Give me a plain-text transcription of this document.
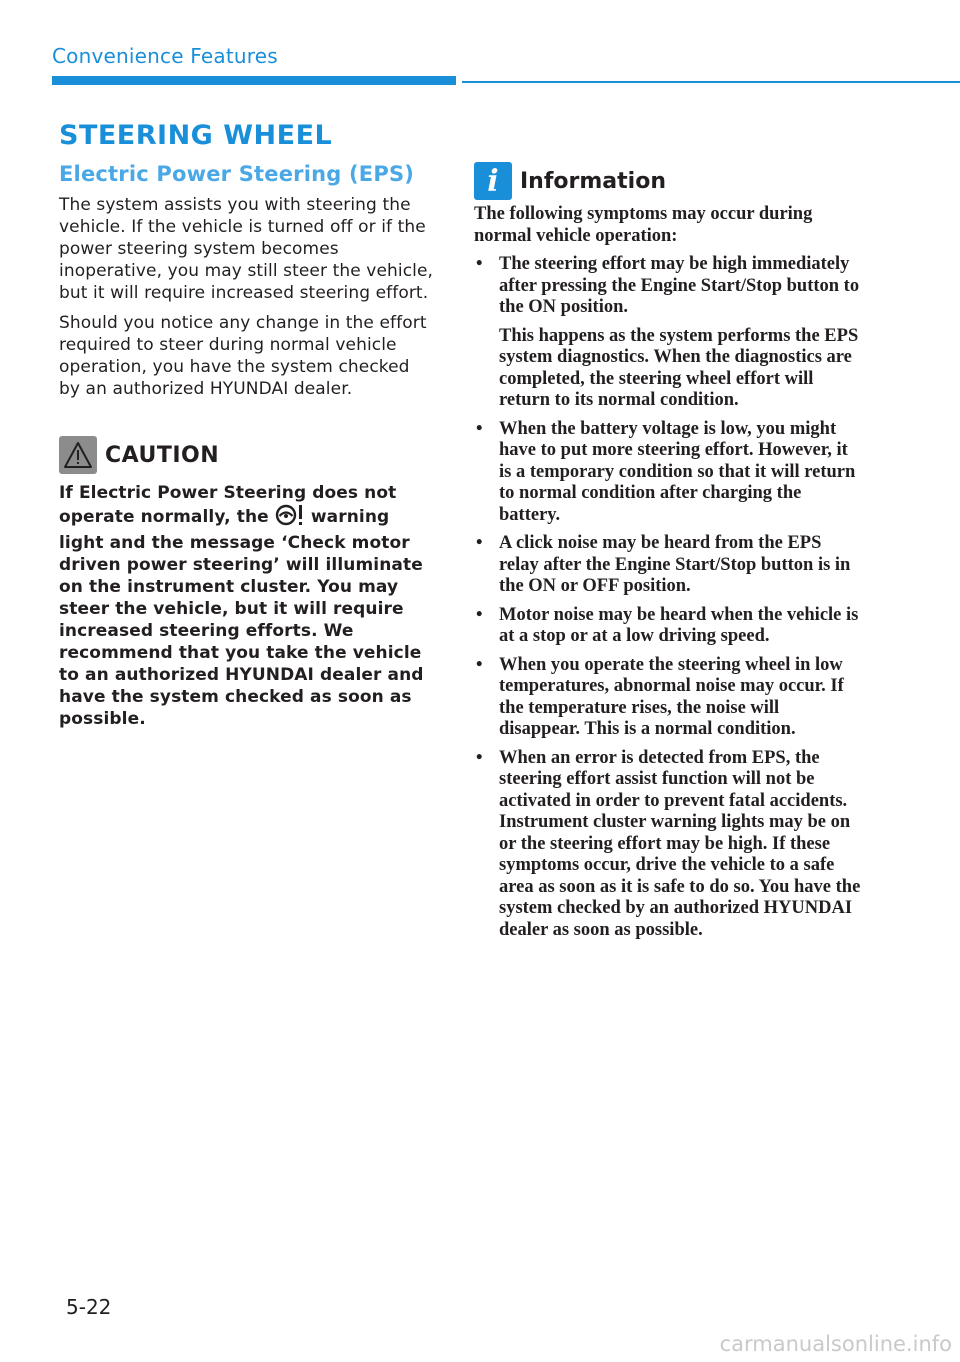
Convenience Features
STEERING WHEEL
Electric Power Steering (EPS)

The system assists you with steering the vehicle. If the vehicle is turned off or if the power steering system becomes inoperative, you may still steer the vehicle, but it will require increased steering effort.

Should you notice any change in the effort required to steer during normal vehicle operation, you have the system checked by an authorized HYUNDAI dealer.

CAUTION

If Electric Power Steering does not operate normally, the  warning light and the message ‘Check motor driven power steering’ will illuminate on the instrument cluster. You may steer the vehicle, but it will require increased steering efforts. We recommend that you take the vehicle to an authorized HYUNDAI dealer and have the system checked as soon as possible.

i Information

The following symptoms may occur during normal vehicle operation:

• The steering effort may be high immediately after pressing the Engine Start/Stop button to the ON position.
This happens as the system performs the EPS system diagnostics. When the diagnostics are completed, the steering wheel effort will return to its normal condition.
• When the battery voltage is low, you might have to put more steering effort. However, it is a temporary condition so that it will return to normal condition after charging the battery.
• A click noise may be heard from the EPS relay after the Engine Start/Stop button is in the ON or OFF position.
• Motor noise may be heard when the vehicle is at a stop or at a low driving speed.
• When you operate the steering wheel in low temperatures, abnormal noise may occur. If the temperature rises, the noise will disappear. This is a normal condition.
• When an error is detected from EPS, the steering effort assist function will not be activated in order to prevent fatal accidents. Instrument cluster warning lights may be on or the steering effort may be high. If these symptoms occur, drive the vehicle to a safe area as soon as it is safe to do so. You have the system checked by an authorized HYUNDAI dealer as soon as possible.
5-22
carmanualsonline.info
